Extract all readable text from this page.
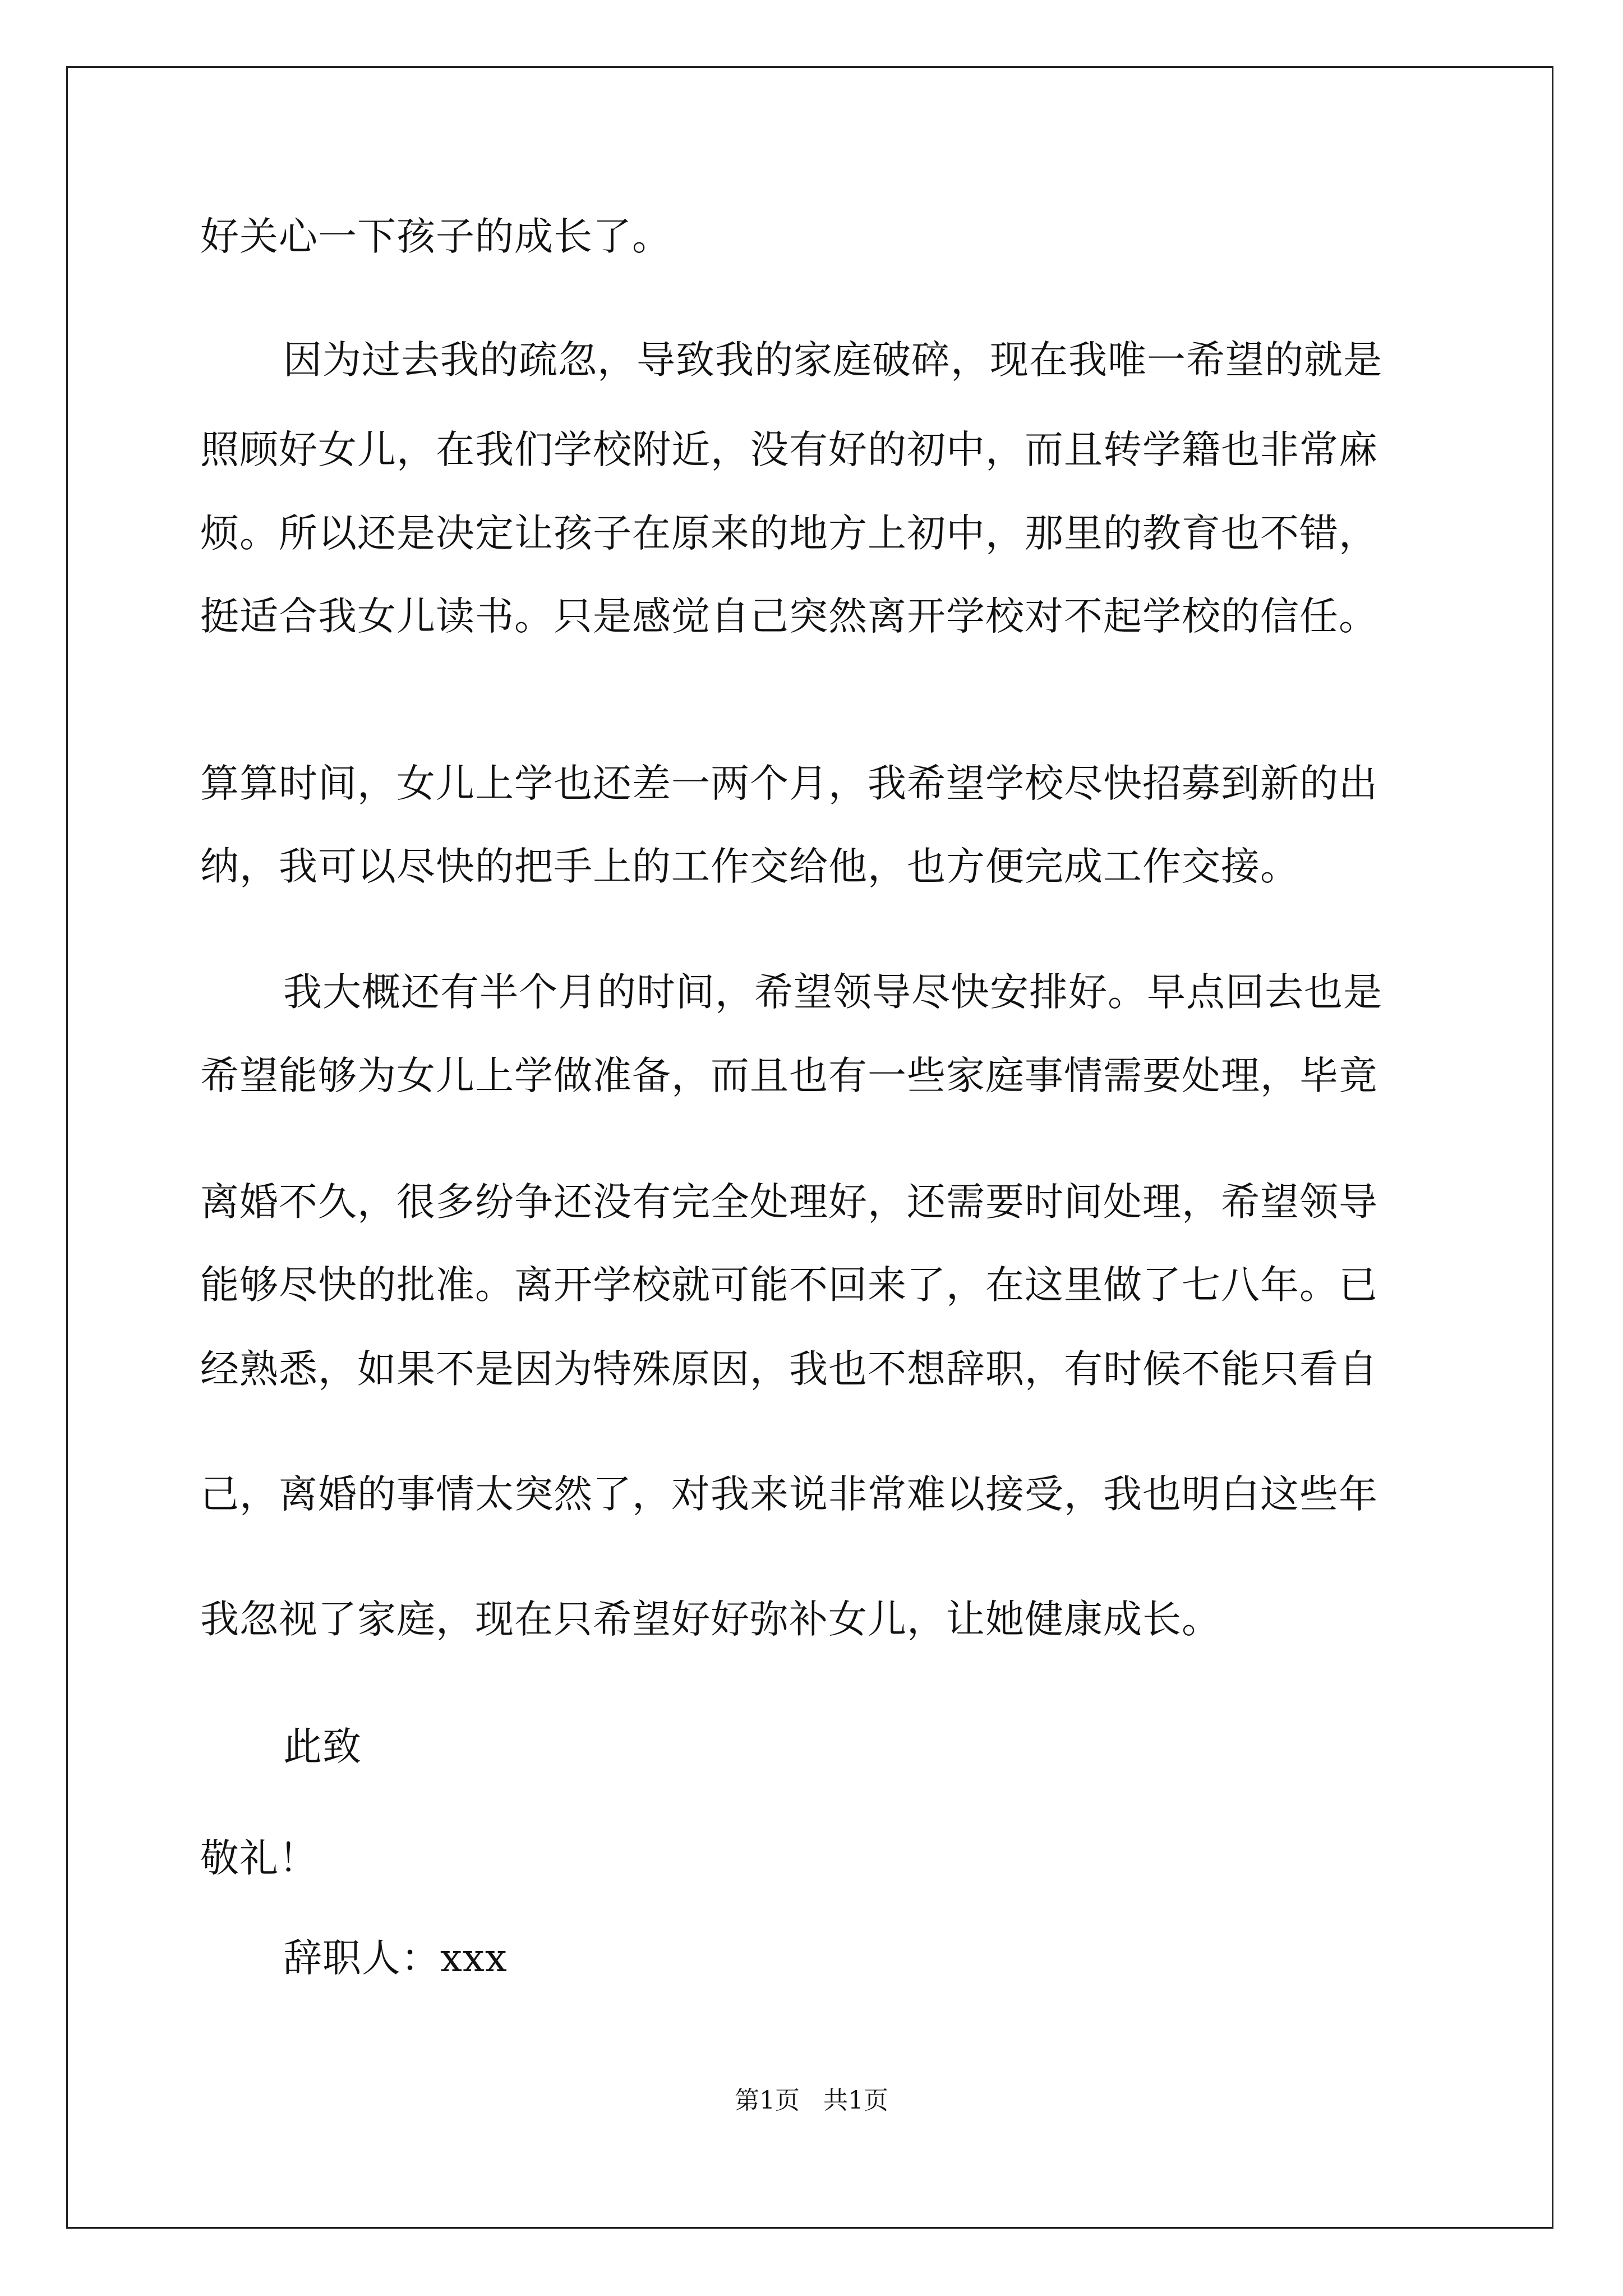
好关心一下孩子的成长了。
因为过去我的疏忽，导致我的家庭破碎，现在我唯一希望的就是
照顾好女儿，在我们学校附近，没有好的初中，而且转学籍也非常麻
烦。所以还是决定让孩子在原来的地方上初中，那里的教育也不错，
挺适合我女儿读书。只是感觉自己突然离开学校对不起学校的信任。
算算时间，女儿上学也还差一两个月，我希望学校尽快招募到新的出
纳，我可以尽快的把手上的工作交给他，也方便完成工作交接。
我大概还有半个月的时间，希望领导尽快安排好。早点回去也是
希望能够为女儿上学做准备，而且也有一些家庭事情需要处理，毕竟
离婚不久，很多纷争还没有完全处理好，还需要时间处理，希望领导
能够尽快的批准。离开学校就可能不回来了，在这里做了七八年。已
经熟悉，如果不是因为特殊原因，我也不想辞职，有时候不能只看自
己，离婚的事情太突然了，对我来说非常难以接受，我也明白这些年
我忽视了家庭，现在只希望好好弥补女儿，让她健康成长。
此致
敬礼！
辞职人：xxx
第1页   共1页
